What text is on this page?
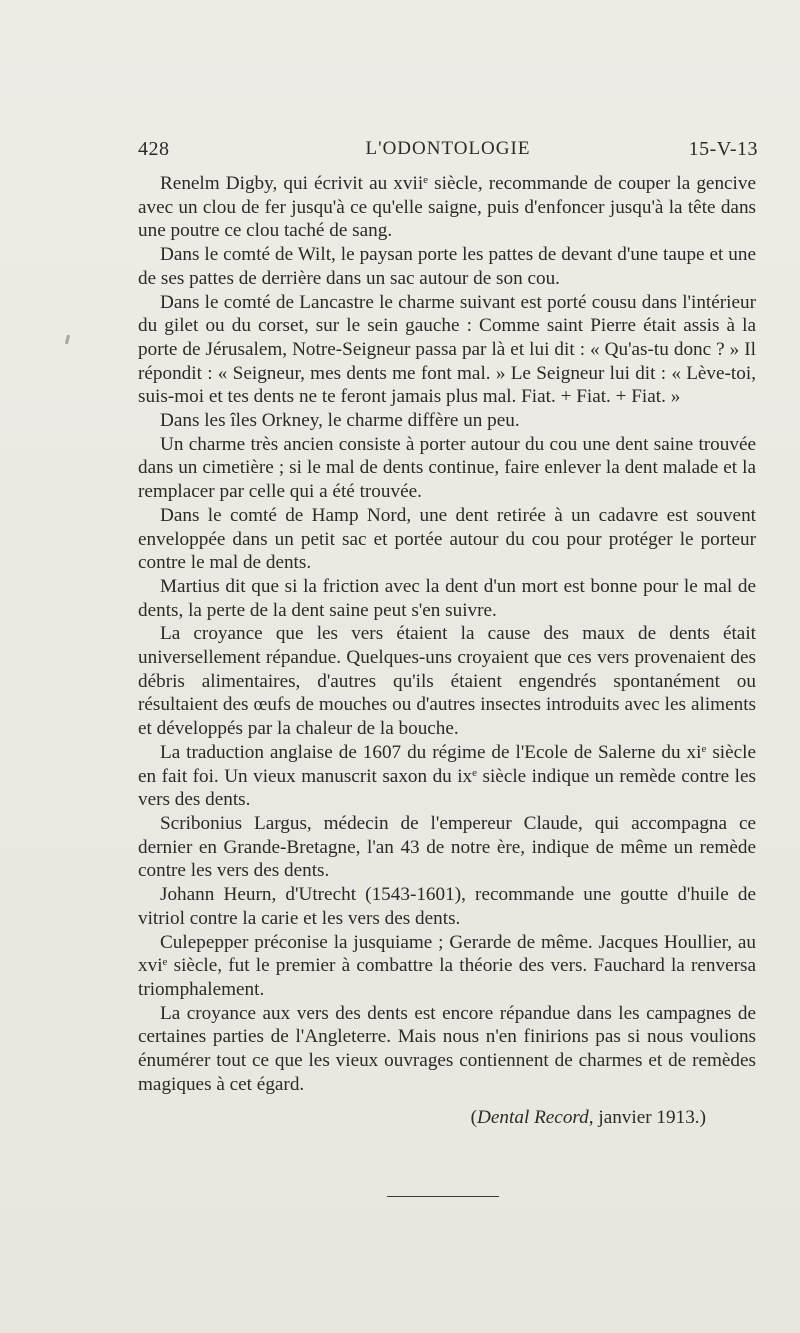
428	L'ODONTOLOGIE	15-V-13

Renelm Digby, qui écrivit au xvii$^e$ siècle, recommande de couper la gencive avec un clou de fer jusqu'à ce qu'elle saigne, puis d'enfoncer jusqu'à la tête dans une poutre ce clou taché de sang.

Dans le comté de Wilt, le paysan porte les pattes de devant d'une taupe et une de ses pattes de derrière dans un sac autour de son cou.

Dans le comté de Lancastre le charme suivant est porté cousu dans l'intérieur du gilet ou du corset, sur le sein gauche : Comme saint Pierre était assis à la porte de Jérusalem, Notre-Seigneur passa par là et lui dit : « Qu'as-tu donc ? » Il répondit : « Seigneur, mes dents me font mal. » Le Seigneur lui dit : « Lève-toi, suis-moi et tes dents ne te feront jamais plus mal. Fiat. + Fiat. + Fiat. »

Dans les îles Orkney, le charme diffère un peu.

Un charme très ancien consiste à porter autour du cou une dent saine trouvée dans un cimetière ; si le mal de dents continue, faire enlever la dent malade et la remplacer par celle qui a été trouvée.

Dans le comté de Hamp Nord, une dent retirée à un cadavre est souvent enveloppée dans un petit sac et portée autour du cou pour protéger le porteur contre le mal de dents.

Martius dit que si la friction avec la dent d'un mort est bonne pour le mal de dents, la perte de la dent saine peut s'en suivre.

La croyance que les vers étaient la cause des maux de dents était universellement répandue. Quelques-uns croyaient que ces vers provenaient des débris alimentaires, d'autres qu'ils étaient engendrés spontanément ou résultaient des œufs de mouches ou d'autres insectes introduits avec les aliments et développés par la chaleur de la bouche.

La traduction anglaise de 1607 du régime de l'Ecole de Salerne du $xi^e$ siècle en fait foi. Un vieux manuscrit saxon du $ix^e$ siècle indique un remède contre les vers des dents.

Scribonius Largus, médecin de l'empereur Claude, qui accompagna ce dernier en Grande-Bretagne, l'an 43 de notre ère, indique de même un remède contre les vers des dents.

Johann Heurn, d'Utrecht (1543-1601), recommande une goutte d'huile de vitriol contre la carie et les vers des dents.

Culepepper préconise la jusquiame ; Gerarde de même. Jacques Houllier, au xvi$^e$ siècle, fut le premier à combattre la théorie des vers. Fauchard la renversa triomphalement.

La croyance aux vers des dents est encore répandue dans les campagnes de certaines parties de l'Angleterre. Mais nous n'en finirions pas si nous voulions énumérer tout ce que les vieux ouvrages contiennent de charmes et de remèdes magiques à cet égard.

(Dental Record, janvier 1913.)
